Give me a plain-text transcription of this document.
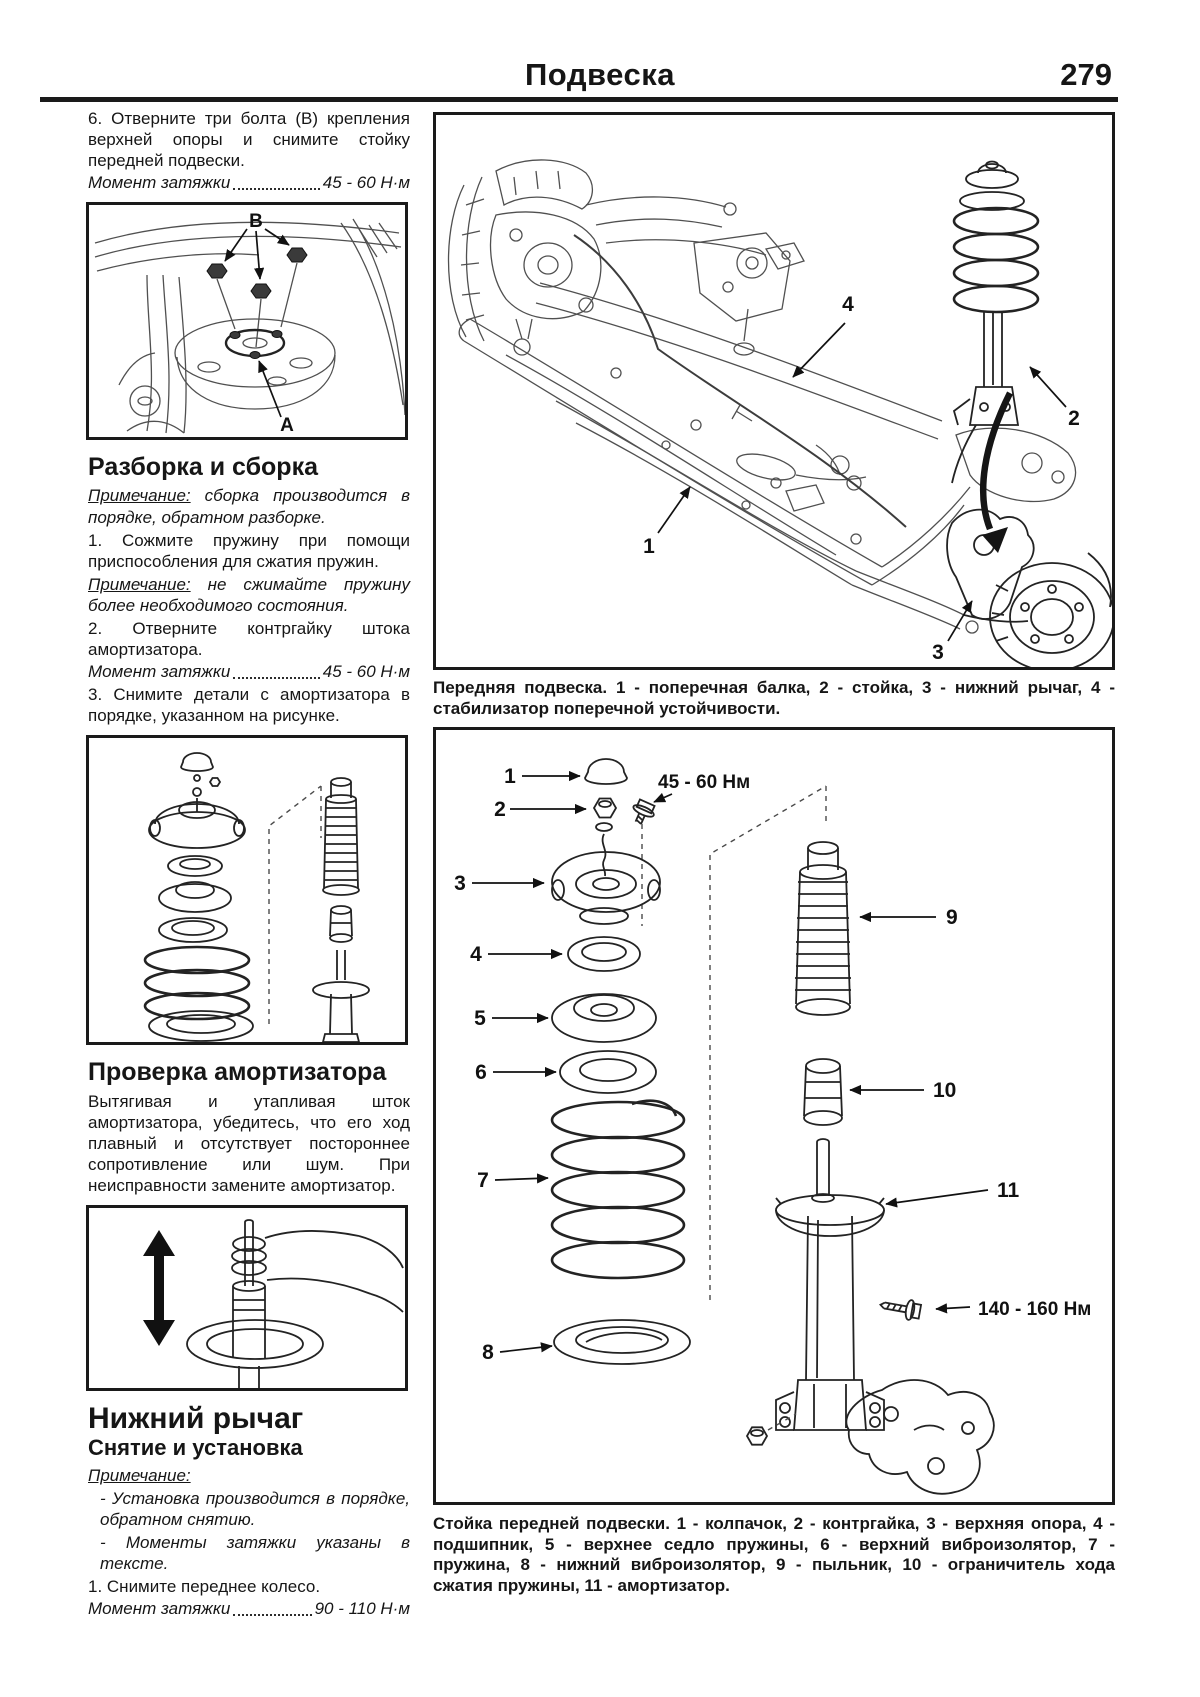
Подвеска	279
6. Отверните три болта (B) крепления верхней опоры и снимите стойку передней подвески.
Момент затяжки	45 - 60 Н·м
B
A
Разборка и сборка
Примечание: сборка производится в порядке, обратном разборке.
1. Сожмите пружину при помощи приспособления для сжатия пружин.
Примечание: не сжимайте пружину более необходимого состояния.
2. Отверните контргайку штока амортизатора.
Момент затяжки	45 - 60 Н·м
3. Снимите детали с амортизатора в порядке, указанном на рисунке.
Проверка амортизатора
Вытягивая и утапливая шток амортизатора, убедитесь, что его ход плавный и отсутствует постороннее сопротивление или шум. При неисправности замените амортизатор.
Нижний рычаг
Снятие и установка
Примечание:
- Установка производится в порядке, обратном снятию.
- Моменты затяжки указаны в тексте.
1. Снимите переднее колесо.
Момент затяжки	90 - 110 Н·м
1
2
3
4
Передняя подвеска. 1 - поперечная балка, 2 - стойка, 3 - нижний рычаг, 4 - стабилизатор поперечной устойчивости.
1
2
3
4
5
6
7
8
9
10
11
45 - 60 Нм
140 - 160 Нм
Стойка передней подвески. 1 - колпачок, 2 - контргайка, 3 - верхняя опора, 4 - подшипник, 5 - верхнее седло пружины, 6 - верхний виброизолятор, 7 - пружина, 8 - нижний виброизолятор, 9 - пыльник, 10 - ограничитель хода сжатия пружины, 11 - амортизатор.
